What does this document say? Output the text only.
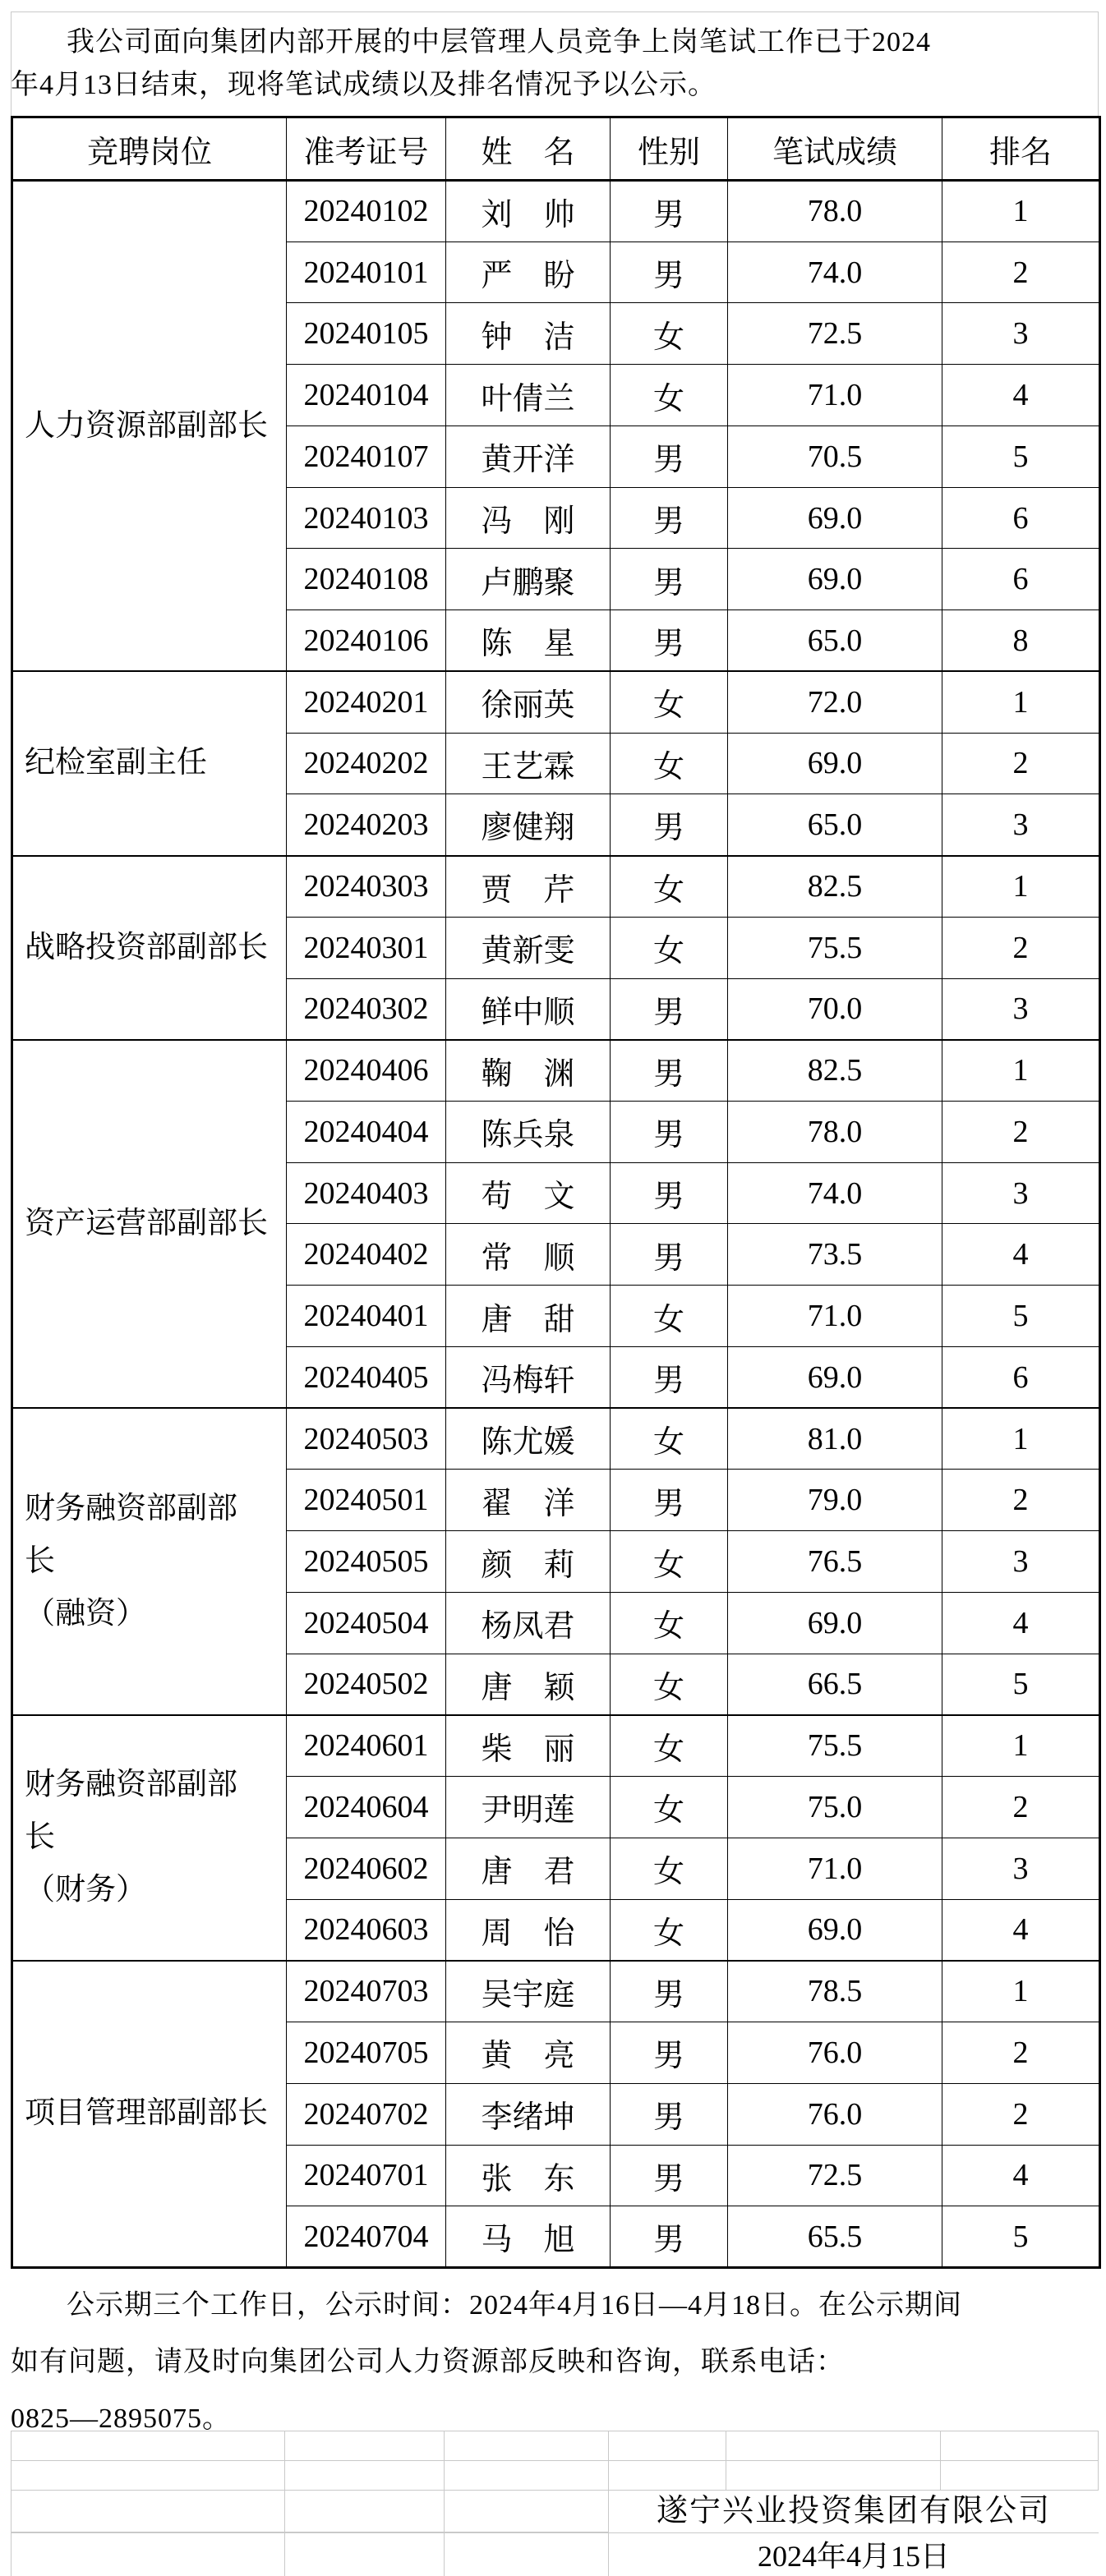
我公司面向集团内部开展的中层管理人员竞争上岗笔试工作已于2024
年4月13日结束，现将笔试成绩以及排名情况予以公示。
竞聘岗位	准考证号	姓　名	性别	笔试成绩	排名

人力资源部副部长	20240102	刘　帅	男	78.0	1
	20240101	严　盼	男	74.0	2
	20240105	钟　洁	女	72.5	3
	20240104	叶倩兰	女	71.0	4
	20240107	黄开洋	男	70.5	5
	20240103	冯　刚	男	69.0	6
	20240108	卢鹏聚	男	69.0	6
	20240106	陈　星	男	65.0	8

纪检室副主任	20240201	徐丽英	女	72.0	1
	20240202	王艺霖	女	69.0	2
	20240203	廖健翔	男	65.0	3

战略投资部副部长	20240303	贾　芹	女	82.5	1
	20240301	黄新雯	女	75.5	2
	20240302	鲜中顺	男	70.0	3

资产运营部副部长	20240406	鞠　渊	男	82.5	1
	20240404	陈兵泉	男	78.0	2
	20240403	苟　文	男	74.0	3
	20240402	常　顺	男	73.5	4
	20240401	唐　甜	女	71.0	5
	20240405	冯梅轩	男	69.0	6

财务融资部副部
长
（融资）	20240503	陈尤媛	女	81.0	1
	20240501	翟　洋	男	79.0	2
	20240505	颜　莉	女	76.5	3
	20240504	杨凤君	女	69.0	4
	20240502	唐　颖	女	66.5	5

财务融资部副部
长
（财务）	20240601	柴　丽	女	75.5	1
	20240604	尹明莲	女	75.0	2
	20240602	唐　君	女	71.0	3
	20240603	周　怡	女	69.0	4

项目管理部副部长	20240703	吴宇庭	男	78.5	1
	20240705	黄　亮	男	76.0	2
	20240702	李绪坤	男	76.0	2
	20240701	张　东	男	72.5	4
	20240704	马　旭	男	65.5	5
公示期三个工作日，公示时间：2024年4月16日—4月18日。在公示期间
如有问题，请及时向集团公司人力资源部反映和咨询，联系电话：
0825—2895075。
遂宁兴业投资集团有限公司
2024年4月15日
